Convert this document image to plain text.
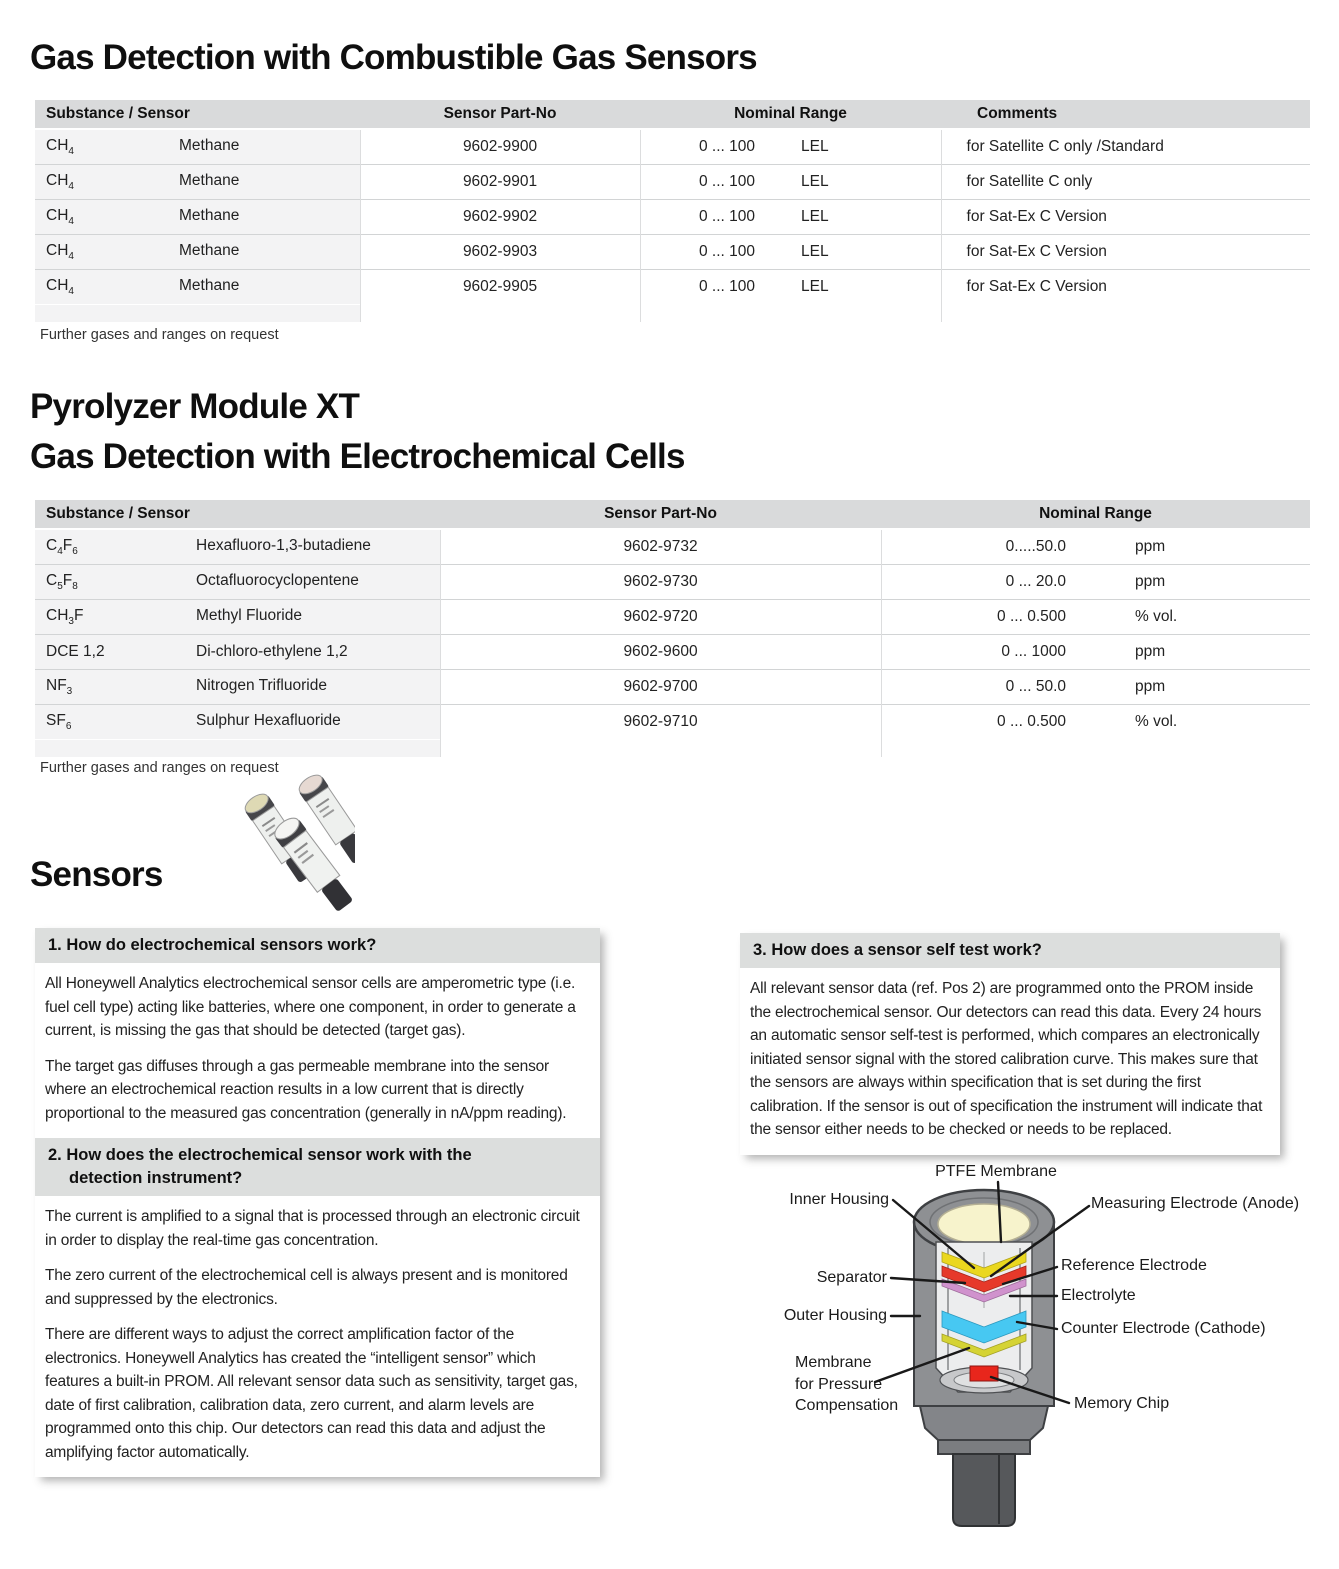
Gas Detection with Combustible Gas Sensors
Substance / Sensor	Sensor Part-No	Nominal Range		Comments
$CH_4$ Methane	9602-9900	0 ... 100	LEL	for Satellite C only /Standard
$CH_4$ Methane	9602-9901	0 ... 100	LEL	for Satellite C only
$CH_4$ Methane	9602-9902	0 ... 100	LEL	for Sat-Ex C Version
$CH_4$ Methane	9602-9903	0 ... 100	LEL	for Sat-Ex C Version
$CH_4$ Methane	9602-9905	0 ... 100	LEL	for Sat-Ex C Version

Further gases and ranges on request
Pyrolyzer Module XT
Gas Detection with Electrochemical Cells
Substance / Sensor	Sensor Part-No	Nominal Range	
$C_4F_6$ Hexafluoro-1,3-butadiene	9602-9732	0.....50.0	ppm
$C_5F_8$ Octafluorocyclopentene	9602-9730	0 ... 20.0	ppm
$CH_3F$ Methyl Fluoride	9602-9720	0 ... 0.500	% vol.
DCE 1,2 Di-chloro-ethylene 1,2	9602-9600	0 ... 1000	ppm
$NF_3$ Nitrogen Trifluoride	9602-9700	0 ... 50.0	ppm
$SF_6$ Sulphur Hexafluoride	9602-9710	0 ... 0.500	% vol.

Further gases and ranges on request
Sensors
1. How do electrochemical sensors work?

All Honeywell Analytics electrochemical sensor cells are amperometric type (i.e. fuel cell type) acting like batteries, where one component, in order to generate a current, is missing the gas that should be detected (target gas).

The target gas diffuses through a gas permeable membrane into the sensor where an electrochemical reaction results in a low current that is directly proportional to the measured gas concentration (generally in nA/ppm reading).

2. How does the electrochemical sensor work with the
detection instrument?

The current is amplified to a signal that is processed through an electronic circuit in order to display the real-time gas concentration.

The zero current of the electrochemical cell is always present and is monitored and suppressed by the electronics.

There are different ways to adjust the correct amplification factor of the electronics. Honeywell Analytics has created the “intelligent sensor” which features a built-in PROM. All relevant sensor data such as sensitivity, target gas, date of first calibration, calibration data, zero current, and alarm levels are programmed onto this chip. Our detectors can read this data and adjust the amplifying factor automatically.

3. How does a sensor self test work?

All relevant sensor data (ref. Pos 2) are programmed onto the PROM inside the electrochemical sensor. Our detectors can read this data. Every 24 hours an automatic sensor self-test is performed, which compares an electronically initiated sensor signal with the stored calibration curve. This makes sure that the sensors are always within specification that is set during the first calibration. If the sensor is out of specification the instrument will indicate that the sensor either needs to be checked or needs to be replaced.

PTFE Membrane
Inner Housing	Measuring Electrode (Anode)
Separator
Reference Electrode
Electrolyte
Outer Housing
Counter Electrode (Cathode)
Membrane for Pressure Compensation	Memory Chip
